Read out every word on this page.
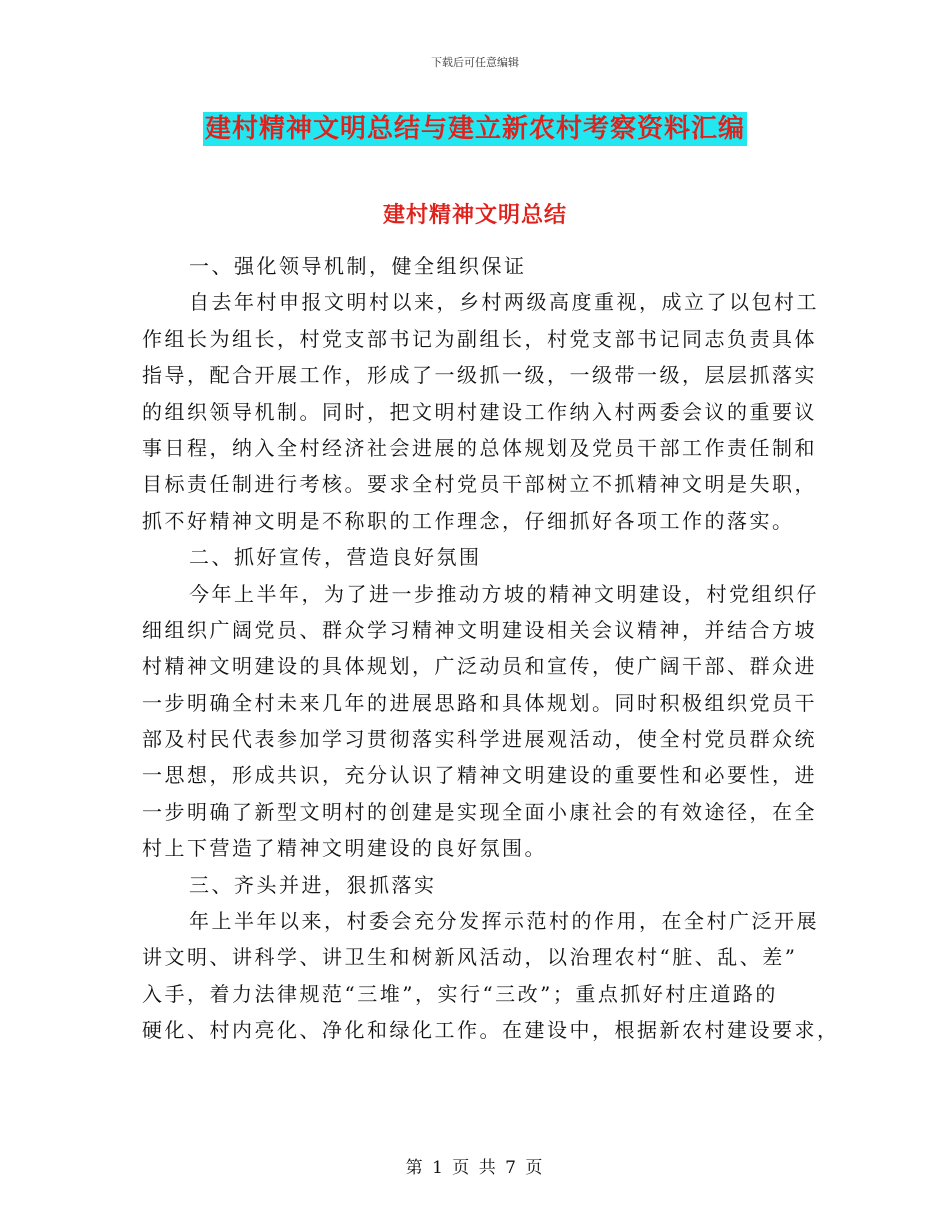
下载后可任意编辑
建村精神文明总结与建立新农村考察资料汇编
建村精神文明总结
一、强化领导机制，健全组织保证
自去年村申报文明村以来，乡村两级高度重视，成立了以包村工
作组长为组长，村党支部书记为副组长，村党支部书记同志负责具体
指导，配合开展工作，形成了一级抓一级，一级带一级，层层抓落实
的组织领导机制。同时，把文明村建设工作纳入村两委会议的重要议
事日程，纳入全村经济社会进展的总体规划及党员干部工作责任制和
目标责任制进行考核。要求全村党员干部树立不抓精神文明是失职，
抓不好精神文明是不称职的工作理念，仔细抓好各项工作的落实。
二、抓好宣传，营造良好氛围
今年上半年，为了进一步推动方坡的精神文明建设，村党组织仔
细组织广阔党员、群众学习精神文明建设相关会议精神，并结合方坡
村精神文明建设的具体规划，广泛动员和宣传，使广阔干部、群众进
一步明确全村未来几年的进展思路和具体规划。同时积极组织党员干
部及村民代表参加学习贯彻落实科学进展观活动，使全村党员群众统
一思想，形成共识，充分认识了精神文明建设的重要性和必要性，进
一步明确了新型文明村的创建是实现全面小康社会的有效途径，在全
村上下营造了精神文明建设的良好氛围。
三、齐头并进，狠抓落实
年上半年以来，村委会充分发挥示范村的作用，在全村广泛开展
讲文明、讲科学、讲卫生和树新风活动，以治理农村“脏、乱、差”
入手，着力法律规范“三堆”，实行“三改”；重点抓好村庄道路的
硬化、村内亮化、净化和绿化工作。在建设中，根据新农村建设要求，
第 1 页 共 7 页
